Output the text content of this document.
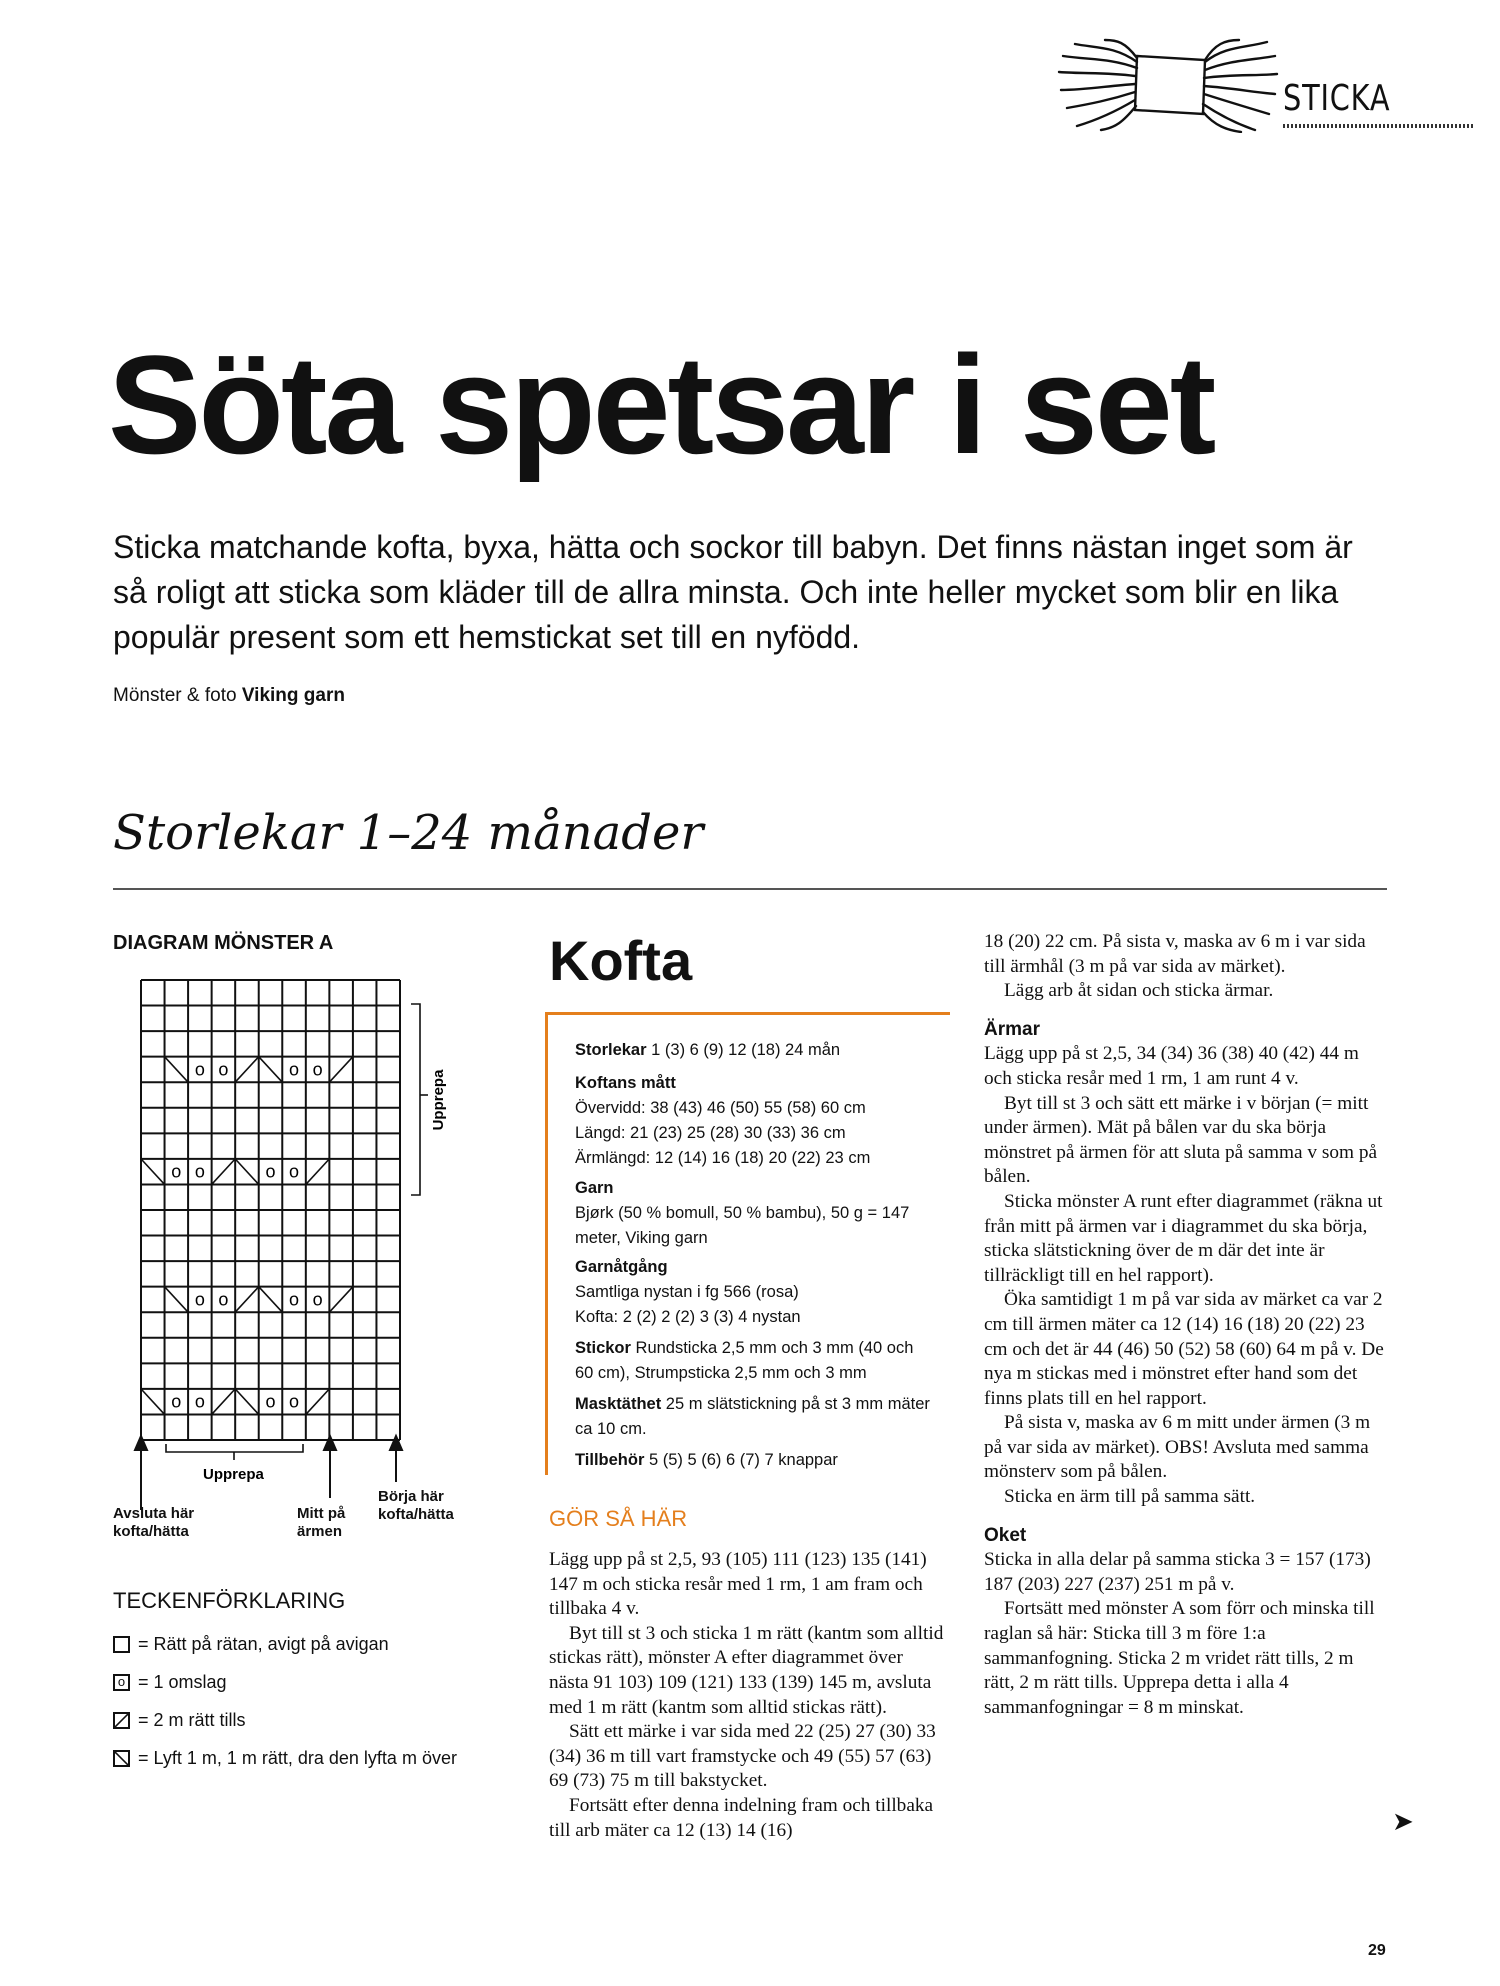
STICKA
Söta spetsar i set
Sticka matchande kofta, byxa, hätta och sockor till babyn. Det finns nästan inget som är så roligt att sticka som kläder till de allra minsta. Och inte heller mycket som blir en lika populär present som ett hemstickat set till en nyfödd.
Mönster & foto Viking garn
Storlekar 1–24 månader
DIAGRAM MÖNSTER A
o o	o o
o o	o o
o o	o o
o o	o o
Upprepa
Upprepa
Avsluta här kofta/hätta
Mitt på ärmen
Börja här kofta/hätta
TECKENFÖRKLARING
= Rätt på rätan, avigt på avigan
o = 1 omslag
= 2 m rätt tills
= Lyft 1 m, 1 m rätt, dra den lyfta m över
Kofta
Storlekar 1 (3) 6 (9) 12 (18) 24 mån
Koftans mått
Övervidd: 38 (43) 46 (50) 55 (58) 60 cm
Längd: 21 (23) 25 (28) 30 (33) 36 cm
Ärmlängd: 12 (14) 16 (18) 20 (22) 23 cm
Garn
Bjørk (50 % bomull, 50 % bambu), 50 g = 147 meter, Viking garn
Garnåtgång
Samtliga nystan i fg 566 (rosa)
Kofta: 2 (2) 2 (2) 3 (3) 4 nystan
Stickor Rundsticka 2,5 mm och 3 mm (40 och 60 cm), Strumpsticka 2,5 mm och 3 mm
Masktäthet 25 m slätstickning på st 3 mm mäter ca 10 cm.
Tillbehör 5 (5) 5 (6) 6 (7) 7 knappar
GÖR SÅ HÄR

Lägg upp på st 2,5, 93 (105) 111 (123) 135 (141) 147 m och sticka resår med 1 rm, 1 am fram och tillbaka 4 v.

Byt till st 3 och sticka 1 m rätt (kantm som alltid stickas rätt), mönster A efter diagrammet över nästa 91 103) 109 (121) 133 (139) 145 m, avsluta med 1 m rätt (kantm som alltid stickas rätt).

Sätt ett märke i var sida med 22 (25) 27 (30) 33 (34) 36 m till vart framstycke och 49 (55) 57 (63) 69 (73) 75 m till bakstycket.

Fortsätt efter denna indelning fram och tillbaka till arb mäter ca 12 (13) 14 (16)

18 (20) 22 cm. På sista v, maska av 6 m i var sida till ärmhål (3 m på var sida av märket).

Lägg arb åt sidan och sticka ärmar.

Ärmar

Lägg upp på st 2,5, 34 (34) 36 (38) 40 (42) 44 m och sticka resår med 1 rm, 1 am runt 4 v.

Byt till st 3 och sätt ett märke i v början (= mitt under ärmen). Mät på bålen var du ska börja mönstret på ärmen för att sluta på samma v som på bålen.

Sticka mönster A runt efter diagrammet (räkna ut från mitt på ärmen var i diagrammet du ska börja, sticka slätstickning över de m där det inte är tillräckligt till en hel rapport).

Öka samtidigt 1 m på var sida av märket ca var 2 cm till ärmen mäter ca 12 (14) 16 (18) 20 (22) 23 cm och det är 44 (46) 50 (52) 58 (60) 64 m på v. De nya m stickas med i mönstret efter hand som det finns plats till en hel rapport.

På sista v, maska av 6 m mitt under ärmen (3 m på var sida av märket). OBS! Avsluta med samma mönsterv som på bålen.

Sticka en ärm till på samma sätt.

Oket

Sticka in alla delar på samma sticka 3 = 157 (173) 187 (203) 227 (237) 251 m på v.

Fortsätt med mönster A som förr och minska till raglan så här: Sticka till 3 m före 1:a sammanfogning. Sticka 2 m vridet rätt tills, 2 m rätt, 2 m rätt tills. Upprepa detta i alla 4 sammanfogningar = 8 m minskat.

➤
29
